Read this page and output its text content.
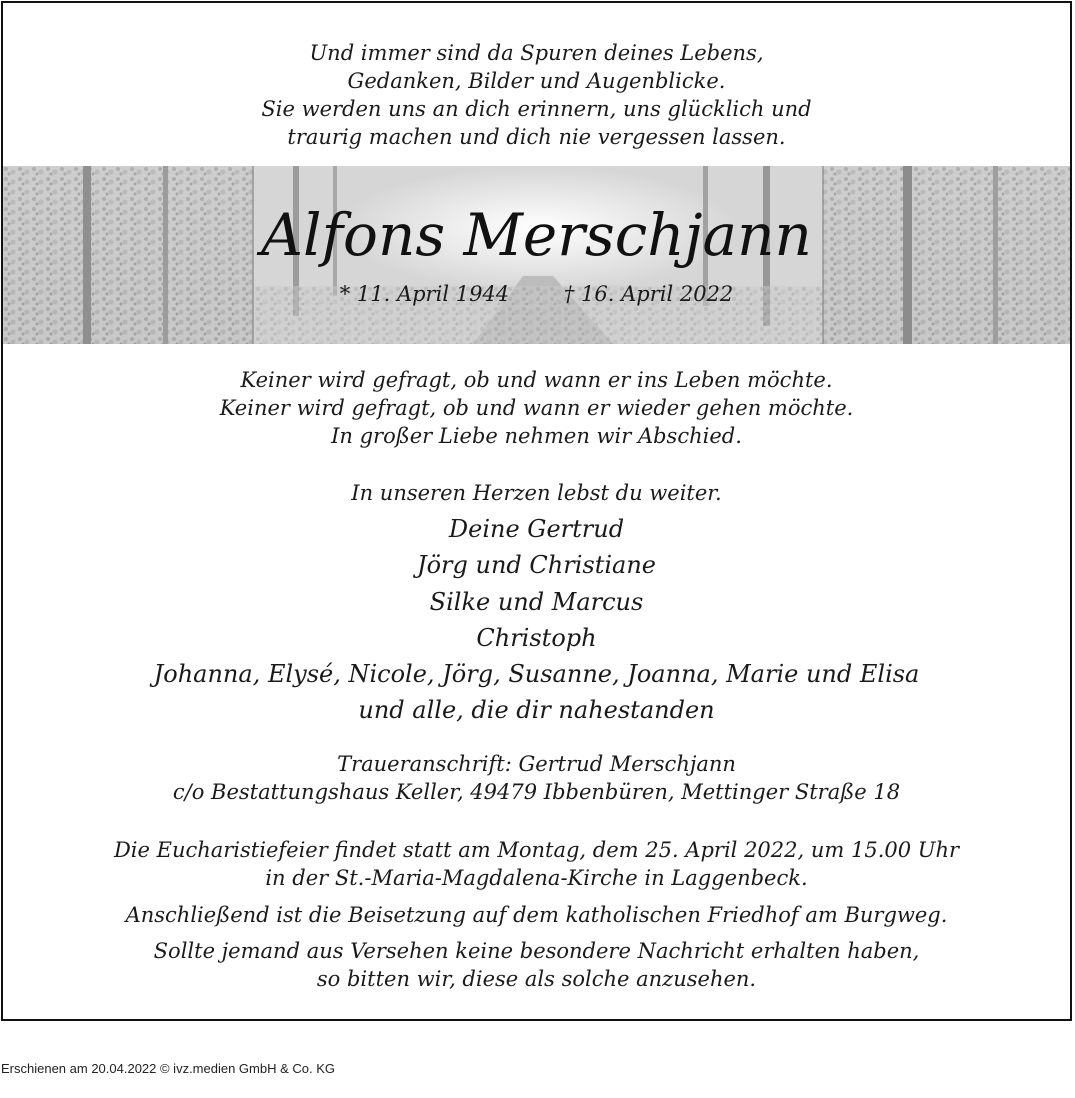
Und immer sind da Spuren deines Lebens,
Gedanken, Bilder und Augenblicke.
Sie werden uns an dich erinnern, uns glücklich und
traurig machen und dich nie vergessen lassen.
Alfons Merschjann
* 11. April 1944	† 16. April 2022
Keiner wird gefragt, ob und wann er ins Leben möchte.
Keiner wird gefragt, ob und wann er wieder gehen möchte.
In großer Liebe nehmen wir Abschied.
In unseren Herzen lebst du weiter.
Deine Gertrud
Jörg und Christiane
Silke und Marcus
Christoph
Johanna, Elysé, Nicole, Jörg, Susanne, Joanna, Marie und Elisa
und alle, die dir nahestanden
Traueranschrift: Gertrud Merschjann
c/o Bestattungshaus Keller, 49479 Ibbenbüren, Mettinger Straße 18
Die Eucharistiefeier findet statt am Montag, dem 25. April 2022, um 15.00 Uhr
in der St.-Maria-Magdalena-Kirche in Laggenbeck.
Anschließend ist die Beisetzung auf dem katholischen Friedhof am Burgweg.
Sollte jemand aus Versehen keine besondere Nachricht erhalten haben,
so bitten wir, diese als solche anzusehen.
Erschienen am 20.04.2022 © ivz.medien GmbH & Co. KG
